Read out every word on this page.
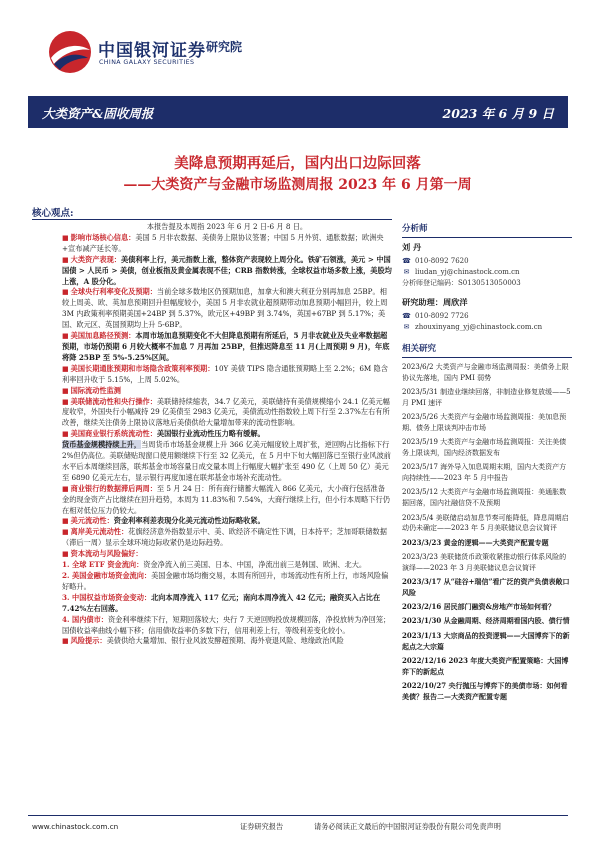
中国银河证券
CHINA GALAXY SECURITIES
研究院
大类资产&固收周报	2023 年 6 月 9 日
美降息预期再延后，国内出口边际回落
——大类资产与金融市场监测周报 2023 年 6 月第一周
核心观点:

本报告提及本周指 2023 年 6 月 2 日-6 月 8 日。

■ 影响市场核心信息：美国 5 月非农数据、美债务上限协议签署；中国 5 月外贸、通胀数据；欧洲央+宣布减产延长等。

■ 大类资产表现：美债利率上行，美元指数上涨，整体资产表现较上周分化。铁矿石领涨，美元 > 中国国债 > 人民币 > 美债，创业板指及黄金属表现不佳；CRB 指数转涨，全球权益市场多数上涨，美股均上涨，A 股分化。

■ 全球央行利率变化及预期：当前全球多数地区仍预期加息，加拿大和澳大利亚分别再加息 25BP。相较上周美、欧、英加息预期回升但幅度较小，美国 5 月非农就业超预期带动加息预期小幅回升，较上周 3M 内政策利率预期美国+24BP 到 5.37%，欧元区+49BP 到 3.74%，英国+67BP 到 5.17%；美国、欧元区、英国预期均上升 5-6BP。

■ 美国加息路径预测：本周市场加息预期变化不大但降息预期有所延后，5 月非农就业及失业率数据超预期，市场仍预期 6 月较大概率不加息 7 月再加 25BP，但推迟降息至 11 月(上周预期 9 月)，年底将降 25BP 至 5%-5.25%区间。

■ 美国长期通胀预期和市场隐含政策利率预期：10Y 美债 TIPS 隐含通胀预期略上至 2.2%；6M 隐含利率回升收于 5.15%，上周 5.02%。

■ 国际流动性监测

■ 美联储流动性和央行操作：美联储持续缩表，34.7 亿美元，美联储持有美债规模缩小 24.1 亿美元幅度收窄，外国央行小幅减持 29 亿美债至 2983 亿美元，美债流动性指数较上周下行至 2.37%左右有所改善，继续关注债务上限协议落地后美债供给大量增加带来的流动性影响。

■ 美国商业银行系统流动性：美国银行业流动性压力略有缓解。

货币基金规模持续上升，当周货币市场基金规模上升 366 亿美元幅度较上周扩张，逆回购占比指标下行 2%但仍高位。美联储贴现窗口使用额继续下行至 32 亿美元，在 5 月中下旬大幅回落已至银行业风波前水平后本周继续回落，联邦基金市场容量日成交量本周上行幅度大幅扩张至 490 亿（上周 50 亿）美元至 6890 亿美元左右，显示银行再度加速在联邦基金市场补充流动性。

■ 商业银行的数据滞后两周：至 5 月 24 日：所有商行储蓄大幅流入 866 亿美元，大小商行包括准备金的现金资产占比继续在回升趋势，本周为 11.83%和 7.54%，大商行继续上行，但小行本周略下行仍在相对低位压力仍较大。

■ 美元流动性：资金利率利差表现分化美元流动性边际略收紧。

■ 离岸美元流动性：花旗经济意外指数显示中、美、欧经济不确定性下调，日本持平；芝加哥联储数据（滞后一周）显示全球环境边际收紧仍是边际趋势。

■ 资本流动与风险偏好：

1. 全球 ETF 资金流向：资金净流入前三美国、日本、中国，净流出前三是韩国、欧洲、北大。

2. 美国金融市场资金流向：美国金融市场均衡交易，本周有所回升，市场流动性有所上行，市场风险偏好略升。

3. 中国权益市场资金变动：北向本周净流入 117 亿元；南向本周净流入 42 亿元；融资买入占比在 7.42%左右回落。

4. 国内债市：资金利率继续下行，短期回落较大；央行 7 天逆回购投放规模回落，净投放转为净回笼；国债收益率曲线小幅下移；信用债收益率仍多数下行，信用利差上行，等级利差变化较小。

■ 风险提示：美债供给大量增加、银行业风波发酵超预期、海外衰退风险、地缘政治风险

分析师
刘 丹
☎ 010-8092 7620
✉ liudan_yj@chinastock.com.cn
分析师登记编码：S0130513050003
研究助理：周欣洋
☎ 010-8092 7726
✉ zhouxinyang_yj@chinastock.com.cn
相关研究
2023/6/2 大类资产与金融市场监测周报：美债务上限协议先落地，国内 PMI 弱势
2023/5/31 制造业继续回落，非制造业修复放缓——5 月 PMI 速评
2023/5/26 大类资产与金融市场监测周报：美加息预期、债务上限谈判冲击市场
2023/5/19 大类资产与金融市场监测周报：关注美债务上限谈判，国内经济数据发布
2023/5/17 海外导入加息周期末期，国内大类资产方向持续性——2023 年 5 月中报告
2023/5/12 大类资产与金融市场监测周报：美通胀数据回落，国内社融信贷不及预期
2023/5/4 美联储启动加息节奏可能降低，降息周期启动仍未确定——2023 年 5 月美联储议息会议简评
2023/3/23 黄金的逻辑——大类资产配置专题
2023/3/23 美联储货币政策收紧推动银行体系风险的演绎——2023 年 3 月美联储议息会议简评
2023/3/17 从“硅谷+瑞信”看广泛的资产负债表敞口风险
2023/2/16 居民部门融资&房地产市场如何看？
2023/1/30 从金融周期、经济周期看国内股、债行情
2023/1/13 大宗商品的投资逻辑——大国博弈下的新起点之大宗篇
2022/12/16 2023 年度大类资产配置策略：大国博弈下的新起点
2022/10/27 央行抛压与博弈下的美债市场：如何看美债？报告二—大类资产配置专题
www.chinastock.com.cn	证券研究报告	请务必阅读正文最后的中国银河证券股份有限公司免责声明
